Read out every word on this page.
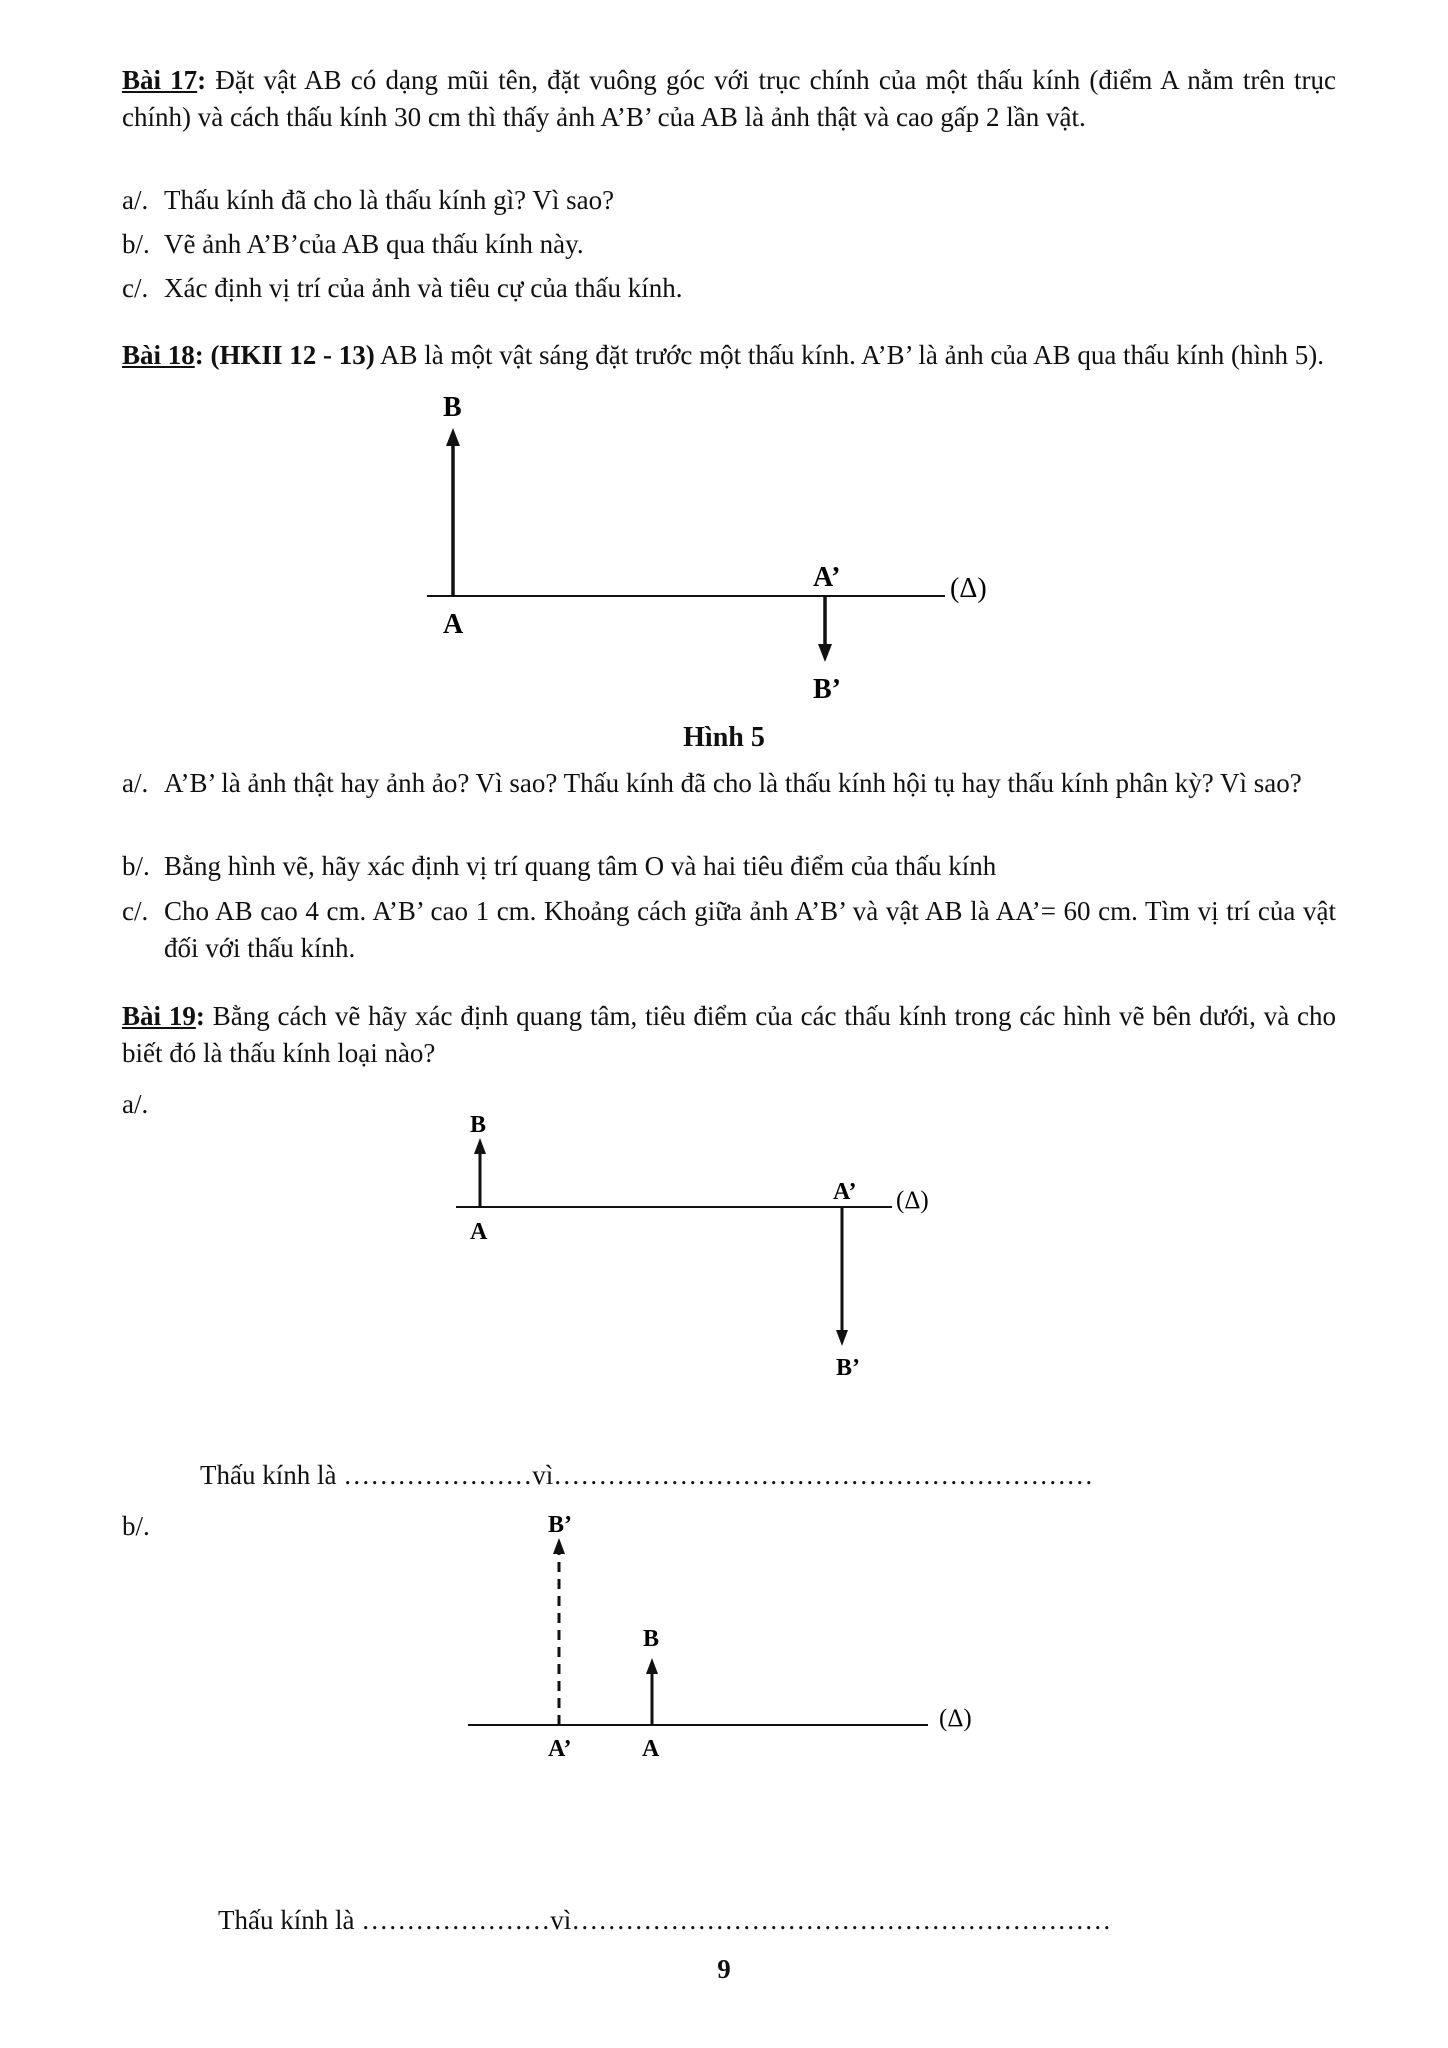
Bài 17: Đặt vật AB có dạng mũi tên, đặt vuông góc với trục chính của một thấu kính (điểm A nằm trên trục chính) và cách thấu kính 30 cm thì thấy ảnh A’B’ của AB là ảnh thật và cao gấp 2 lần vật.
a/. Thấu kính đã cho là thấu kính gì? Vì sao?
b/. Vẽ ảnh A’B’của AB qua thấu kính này.
c/. Xác định vị trí của ảnh và tiêu cự của thấu kính.
Bài 18: (HKII 12 - 13) AB là một vật sáng đặt trước một thấu kính. A’B’ là ảnh của AB qua thấu kính (hình 5).
B
A
A’
B’
(Δ)
Hình 5
a/. A’B’ là ảnh thật hay ảnh ảo? Vì sao? Thấu kính đã cho là thấu kính hội tụ hay thấu kính phân kỳ? Vì sao?
b/. Bằng hình vẽ, hãy xác định vị trí quang tâm O và hai tiêu điểm của thấu kính
c/. Cho AB cao 4 cm. A’B’ cao 1 cm. Khoảng cách giữa ảnh A’B’ và vật AB là AA’= 60 cm. Tìm vị trí của vật đối với thấu kính.
Bài 19: Bằng cách vẽ hãy xác định quang tâm, tiêu điểm của các thấu kính trong các hình vẽ bên dưới, và cho biết đó là thấu kính loại nào?
a/.
B
A
A’
B’
(Δ)
Thấu kính là …………………vì……………………………………………………
b/.	B’
B
A’	A
(Δ)
Thấu kính là …………………vì……………………………………………………
9
